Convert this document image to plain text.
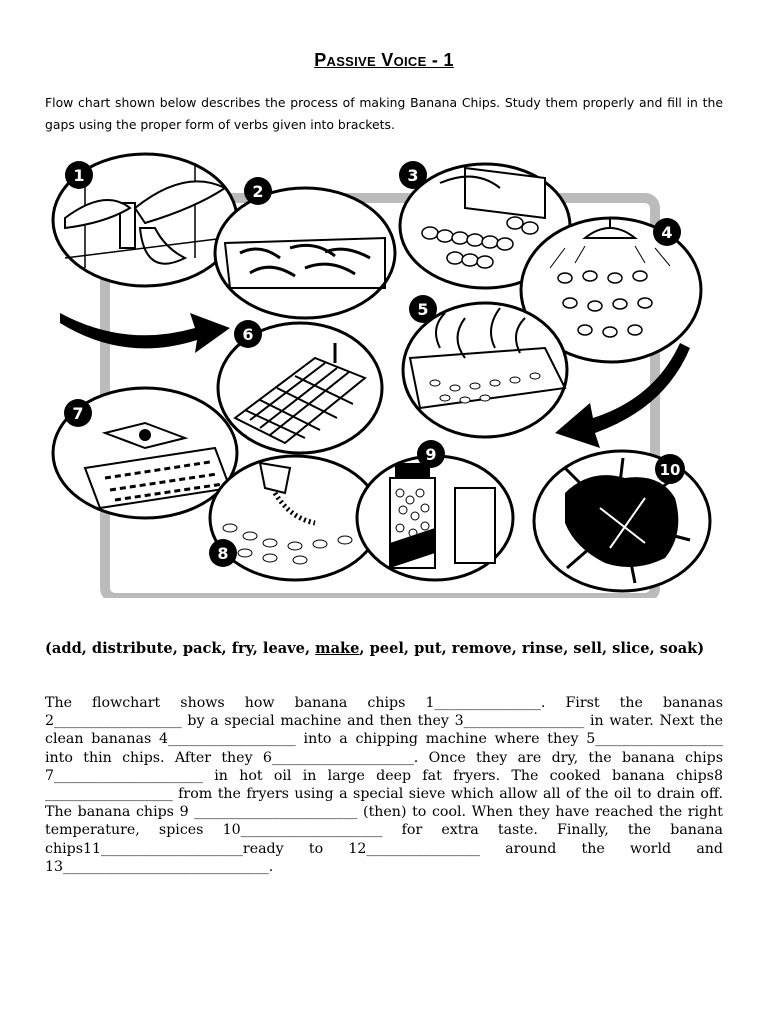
Passive Voice - 1
Flow chart shown below describes the process of making Banana Chips. Study them properly and fill in the gaps using the proper form of verbs given into brackets.
1
2
3
4
5
6
7
8
9
10
(add, distribute, pack, fry, leave, make, peel, put, remove, rinse, sell, slice, soak)
The flowchart shows how banana chips 1_______________. First the bananas 2__________________ by a special machine and then they 3_________________ in water. Next the clean bananas 4__________________ into a chipping machine where they 5__________________ into thin chips. After they 6____________________. Once they are dry, the banana chips 7_____________________ in hot oil in large deep fat fryers. The cooked banana chips8 __________________ from the fryers using a special sieve which allow all of the oil to drain off. The banana chips 9 _______________________ (then) to cool. When they have reached the right temperature, spices 10____________________ for extra taste. Finally, the banana chips11____________________ready to 12________________ around the world and 13_____________________________.
